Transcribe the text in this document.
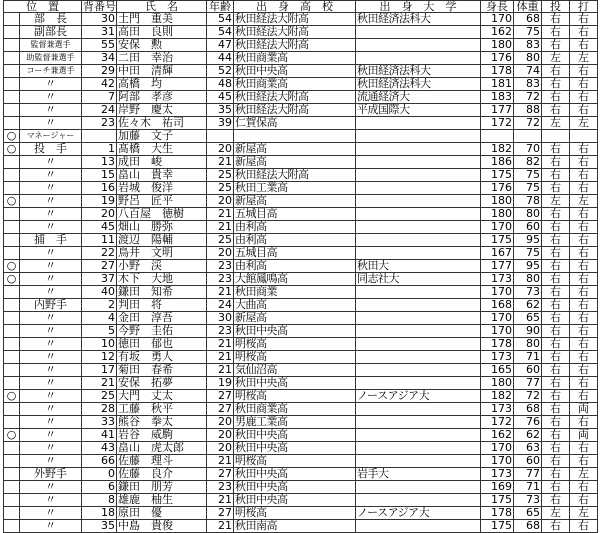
位　置		背番号	氏　名	年齢	出　身　高　校	出　身　大　学	身長	体重	投	打
	部　長	30	土門　重美	54	秋田経法大附高	秋田経済法科大	170	68	右	右
	副部長	31	高田　良則	54	秋田経法大附高		162	75	右	右
	監督兼選手	55	安保　勲	47	秋田経法大附高		180	83	右	右
	助監督兼選手	34	二田　幸治	44	秋田商業高		176	80	左	左
	コーチ兼選手	29	中田　清輝	52	秋田中央高	秋田経済法科大	178	74	右	右
	〃	42	高橋　均	48	秋田商業高	秋田経済法科大	181	83	右	右
	〃	7	阿部　孝彦	45	秋田経法大附高	流通経済大	183	72	右	右
	〃	24	岸野　慶太	35	秋田経法大附高	平成国際大	177	88	右	右
	〃	23	佐々木　祐司	39	仁賀保高		172	72	左	左
○	マネージャー		加藤　文子							
○	投　手	1	髙橋　大生	20	新屋高		182	70	右	右
	〃	13	成田　峻	21	新屋高		186	82	右	右
	〃	15	畠山　貴幸	25	秋田経法大附高		175	75	右	右
	〃	16	岩城　俊洋	25	秋田工業高		176	75	右	右
○	〃	19	野呂　匠平	20	新屋高		180	78	左	左
	〃	20	八百屋　徳樹	21	五城目高		180	80	右	右
	〃	45	畑山　勝弥	21	由利高		170	60	右	右
	捕　手	11	渡辺　陽輔	25	由利高		175	95	右	右
	〃	22	鳥井　文明	20	五城目高		167	75	右	右
○	〃	27	小野　渓	23	由利高	秋田大	177	95	右	右
○	〃	37	木下　大地	23	大館鳳鳴高	同志社大	173	80	右	右
	〃	40	鎌田　知希	21	秋田商業		170	73	右	右
	内野手	2	判田　将	24	大曲高		168	62	右	右
	〃	4	金田　淳吾	30	新屋高		170	65	右	右
	〃	5	今野　圭佑	23	秋田中央高		170	90	右	右
	〃	10	徳田　郁也	21	明桜高		178	80	右	右
	〃	12	有坂　勇人	21	明桜高		173	71	右	右
	〃	17	菊田　春希	21	気仙沼高		165	60	右	右
	〃	21	安保　拓夢	19	秋田中央高		180	77	右	右
○	〃	25	大門　丈太	27	明桜高	ノースアジア大	182	72	右	右
	〃	28	工藤　秋平	27	秋田商業高		173	68	右	両
	〃	33	熊谷　拳太	20	男鹿工業高		172	76	右	右
○	〃	41	岩谷　威駒	20	秋田中央高		162	62	右	両
	〃	43	畠山　虎太郎	20	秋田中央高		170	63	右	右
	〃	66	佐藤　理斗	21	明桜高		170	60	右	右
	外野手	0	佐藤　良介	27	秋田中央高	岩手大	173	77	右	左
	〃	6	鎌田　朋芳	23	秋田中央高		169	71	右	右
	〃	8	雄鹿　柚生	21	秋田中央高		175	73	右	右
	〃	18	原田　優	27	明桜高	ノースアジア大	178	65	左	左
	〃	35	中島　貴俊	21	秋田南高		175	68	右	右
